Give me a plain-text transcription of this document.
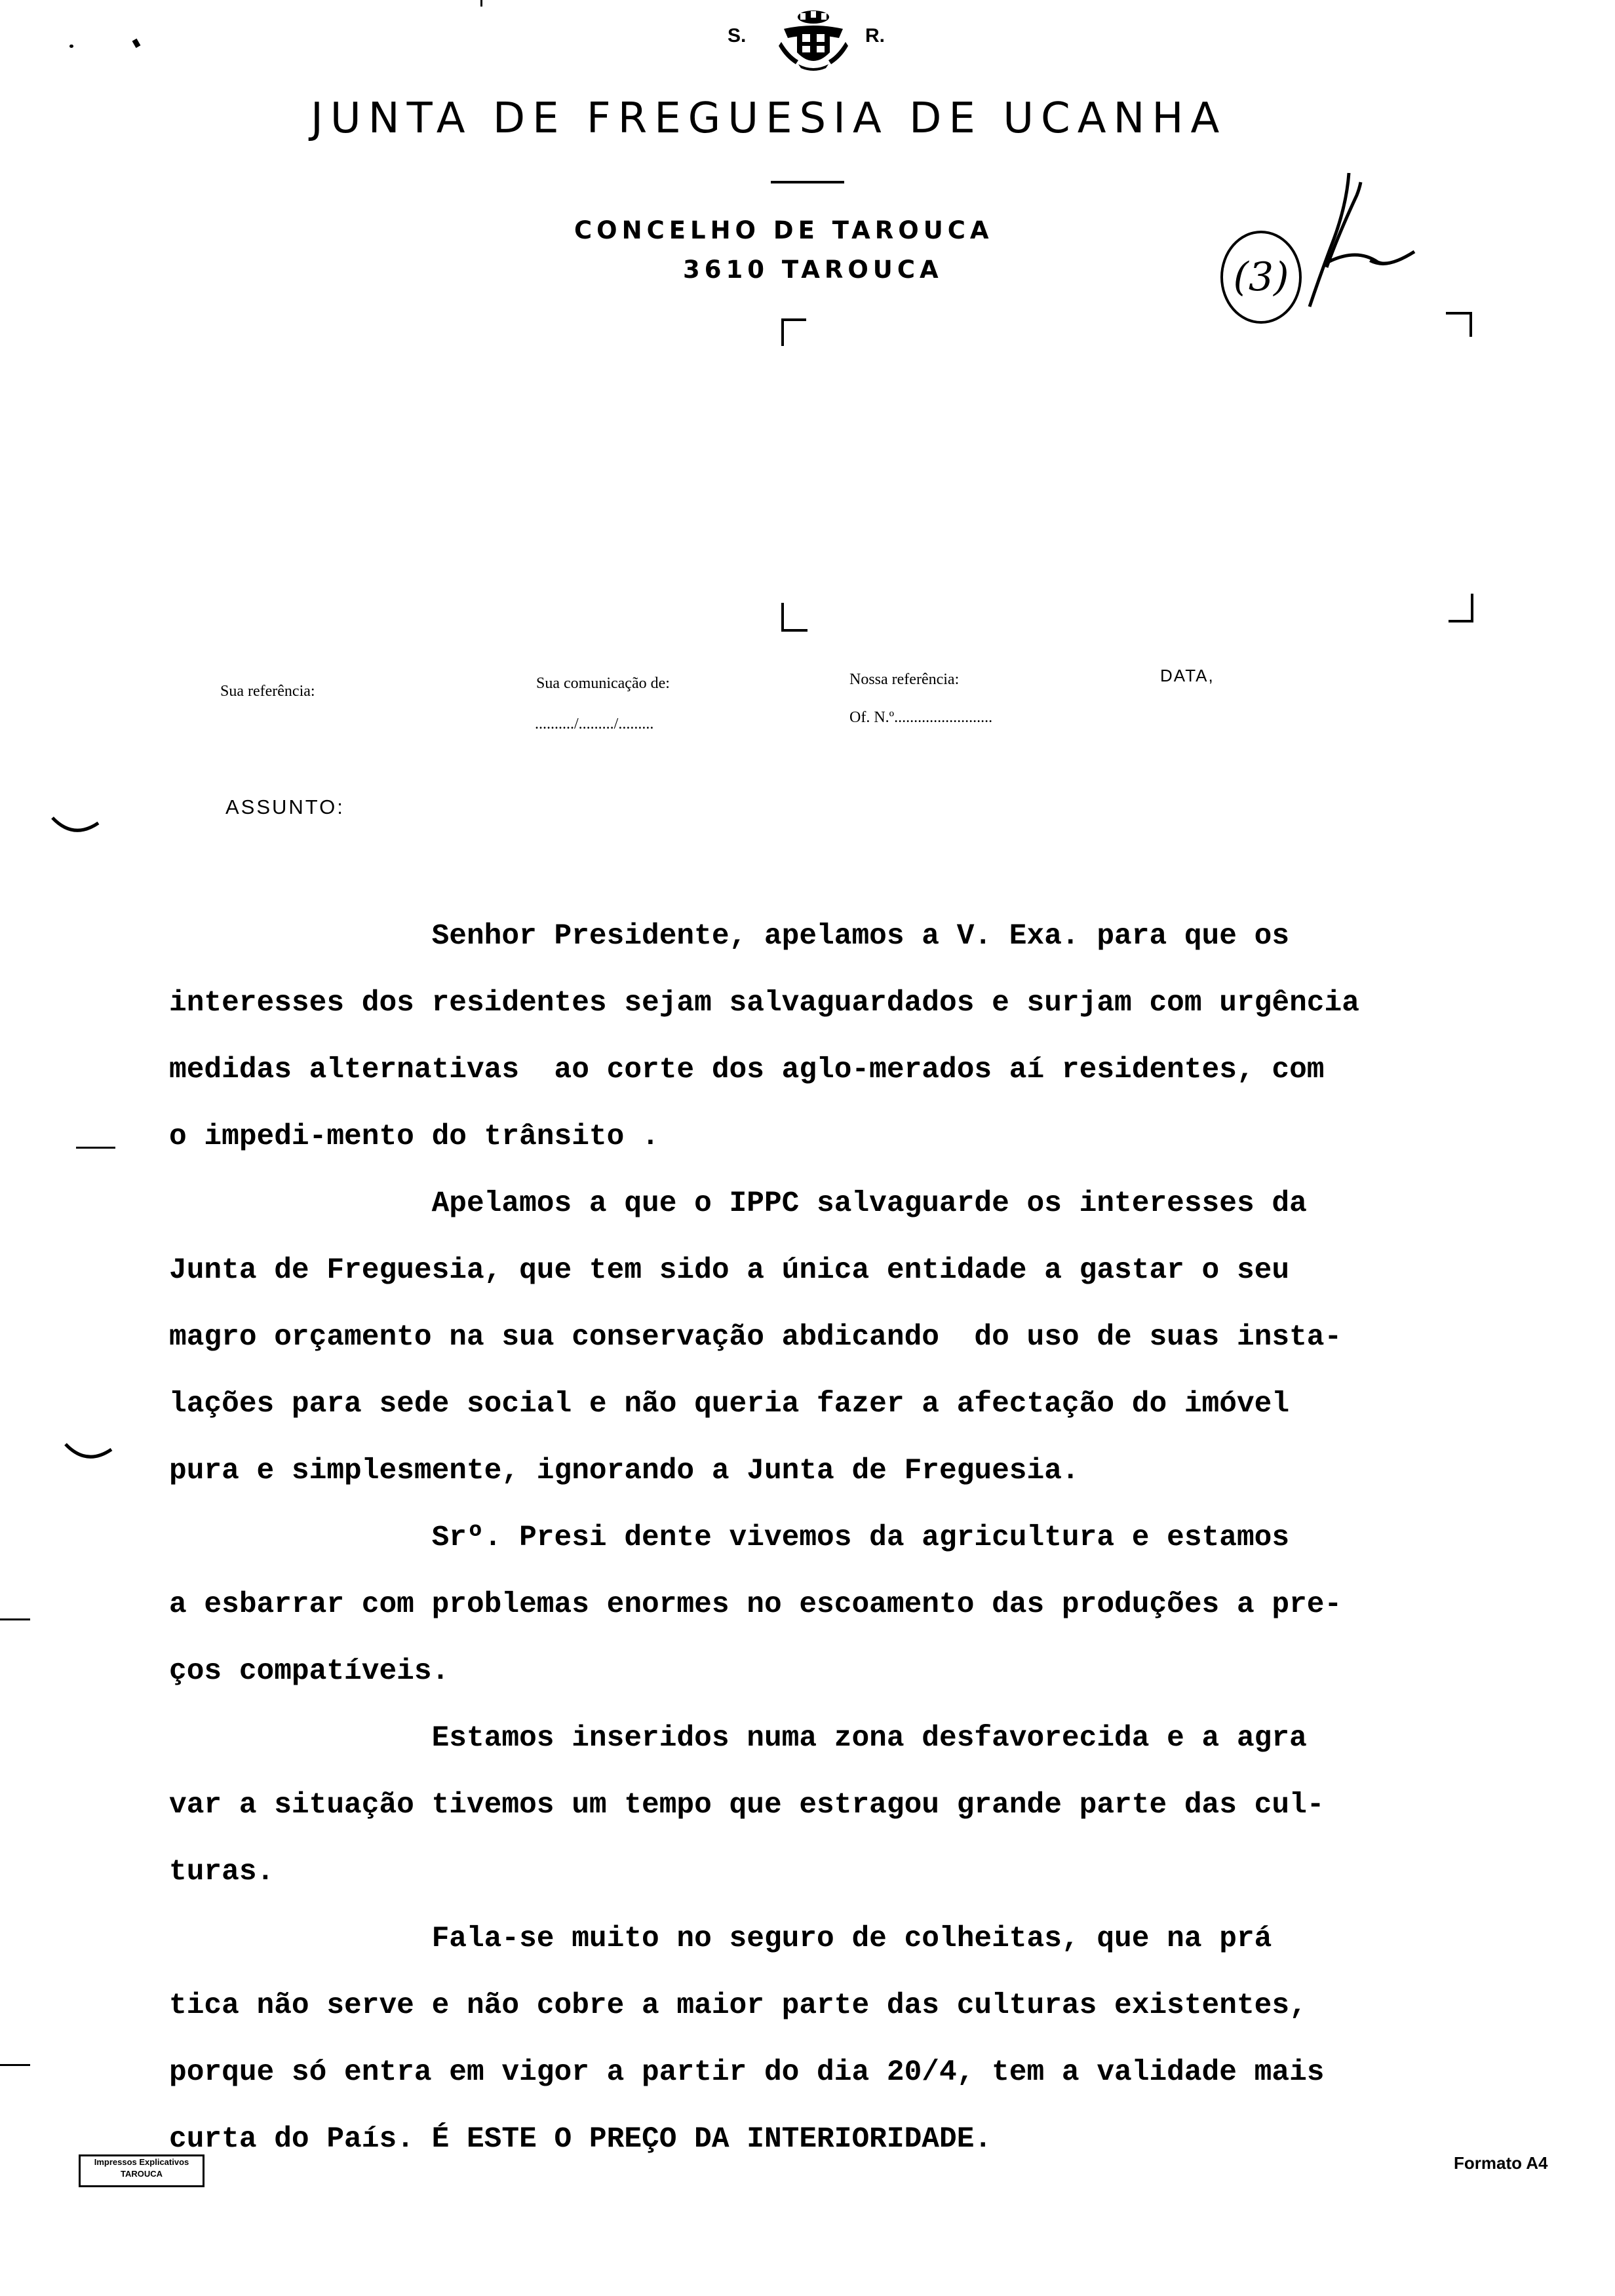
S.	R.
JUNTA DE FREGUESIA DE UCANHA
CONCELHO DE TAROUCA
3610 TAROUCA	(3)
Sua referência:	Sua comunicação de:
........../........./.........
Nossa referência:
Of. N.º.........................
DATA,
ASSUNTO:

Senhor Presidente, apelamos a V. Exa. para que os

interesses dos residentes sejam salvaguardados e surjam com urgência

medidas alternativas  ao corte dos aglo-merados aí residentes, com

o impedi-mento do trânsito .

Apelamos a que o IPPC salvaguarde os interesses da

Junta de Freguesia, que tem sido a única entidade a gastar o seu

magro orçamento na sua conservação abdicando  do uso de suas insta-

lações para sede social e não queria fazer a afectação do imóvel

pura e simplesmente, ignorando a Junta de Freguesia.

Srº. Presi dente vivemos da agricultura e estamos

a esbarrar com problemas enormes no escoamento das produções a pre-

ços compatíveis.

Estamos inseridos numa zona desfavorecida e a agra

var a situação tivemos um tempo que estragou grande parte das cul-

turas.

Fala-se muito no seguro de colheitas, que na prá

tica não serve e não cobre a maior parte das culturas existentes,

porque só entra em vigor a partir do dia 20/4, tem a validade mais

curta do País. É ESTE O PREÇO DA INTERIORIDADE.

Impressos Explicativos
TAROUCA
Formato A4
